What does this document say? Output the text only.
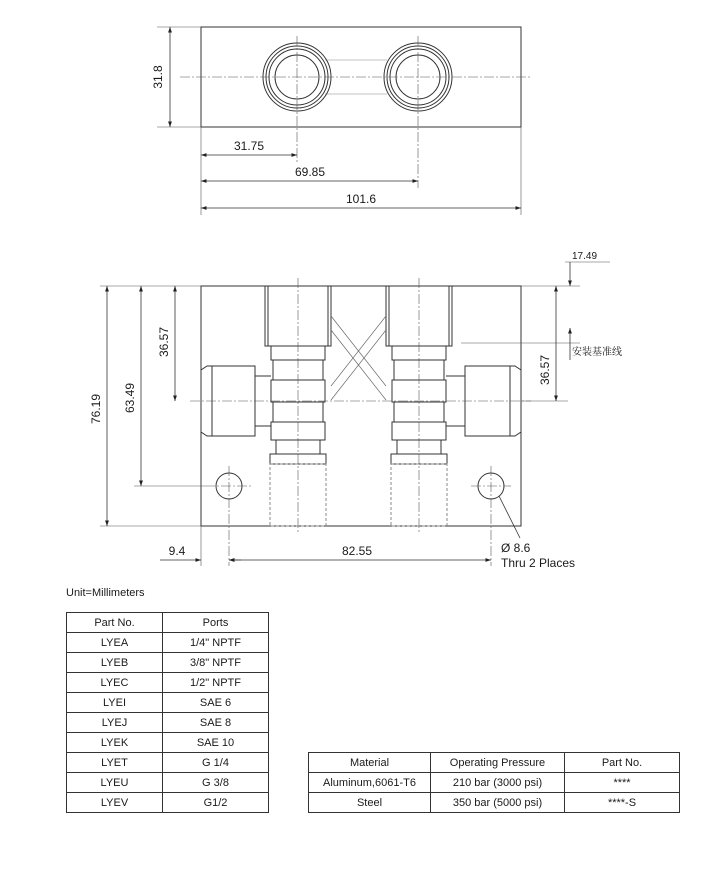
31.8
31.75
69.85
101.6
17.49
安装基准线
36.57
36.57
63.49
76.19
9.4	82.55	Ø 8.6
Thru 2 Places
Unit=Millimeters
Part No.	Ports
LYEA	1/4" NPTF
LYEB	3/8" NPTF
LYEC	1/2" NPTF
LYEI	SAE 6
LYEJ	SAE 8
LYEK	SAE 10
LYET	G 1/4
LYEU	G 3/8
LYEV	G1/2
Material	Operating Pressure	Part No.
Aluminum,6061-T6	210 bar (3000 psi)	****
Steel	350 bar (5000 psi)	****-S
